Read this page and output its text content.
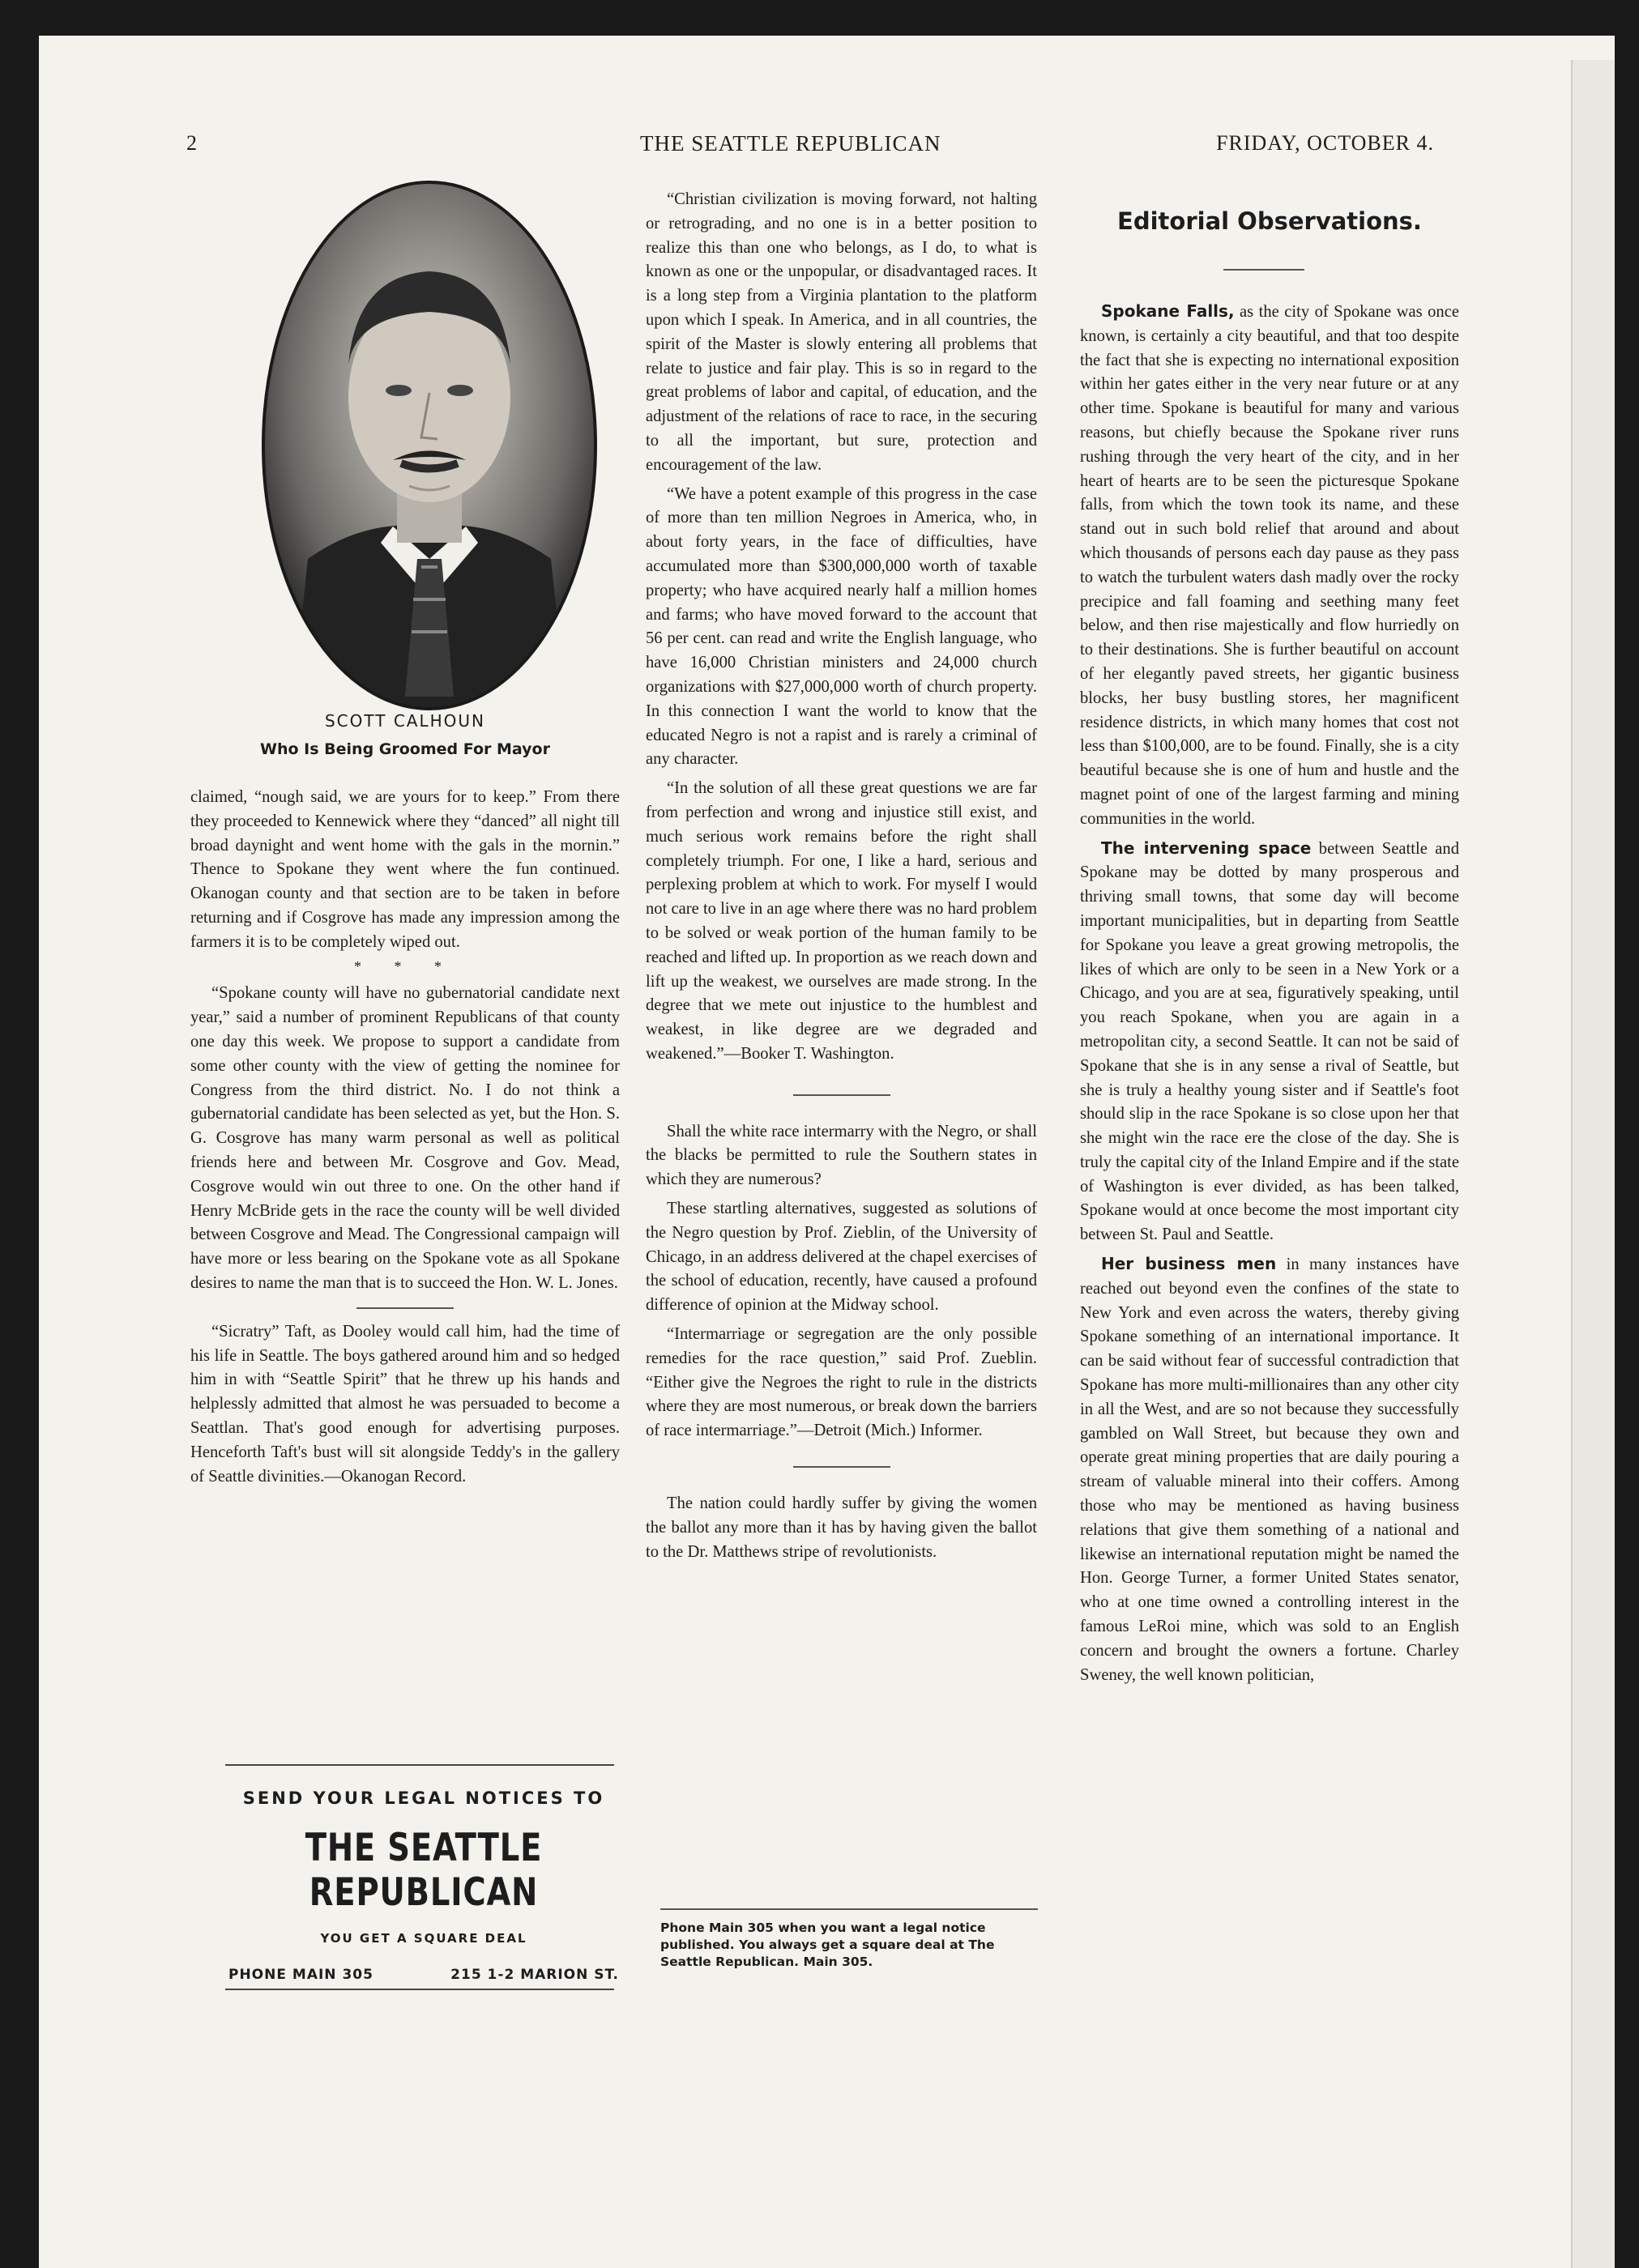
2	THE SEATTLE REPUBLICAN	FRIDAY, OCTOBER 4.
SCOTT CALHOUN
Who Is Being Groomed For Mayor

claimed, “nough said, we are yours for to keep.” From there they proceeded to Kennewick where they “danced” all night till broad daynight and went home with the gals in the mornin.” Thence to Spokane they went where the fun continued. Okanogan county and that section are to be taken in before returning and if Cosgrove has made any impression among the farmers it is to be completely wiped out.

* * *

“Spokane county will have no gubernatorial candidate next year,” said a number of prominent Republicans of that county one day this week. We propose to support a candidate from some other county with the view of getting the nominee for Congress from the third district. No. I do not think a gubernatorial candidate has been selected as yet, but the Hon. S. G. Cosgrove has many warm personal as well as political friends here and between Mr. Cosgrove and Gov. Mead, Cosgrove would win out three to one. On the other hand if Henry McBride gets in the race the county will be well divided between Cosgrove and Mead. The Congressional campaign will have more or less bearing on the Spokane vote as all Spokane desires to name the man that is to succeed the Hon. W. L. Jones.

“Sicratry” Taft, as Dooley would call him, had the time of his life in Seattle. The boys gathered around him and so hedged him in with “Seattle Spirit” that he threw up his hands and helplessly admitted that almost he was persuaded to become a Seattlan. That's good enough for advertising purposes. Henceforth Taft's bust will sit alongside Teddy's in the gallery of Seattle divinities.—Okanogan Record.

SEND YOUR LEGAL NOTICES TO
THE SEATTLE REPUBLICAN
YOU GET A SQUARE DEAL
PHONE MAIN 305	215 1-2 MARION ST.

“Christian civilization is moving forward, not halting or retrograding, and no one is in a better position to realize this than one who belongs, as I do, to what is known as one or the unpopular, or disadvantaged races. It is a long step from a Virginia plantation to the platform upon which I speak. In America, and in all countries, the spirit of the Master is slowly entering all problems that relate to justice and fair play. This is so in regard to the great problems of labor and capital, of education, and the adjustment of the relations of race to race, in the securing to all the important, but sure, protection and encouragement of the law.

“We have a potent example of this progress in the case of more than ten million Negroes in America, who, in about forty years, in the face of difficulties, have accumulated more than $300,000,000 worth of taxable property; who have acquired nearly half a million homes and farms; who have moved forward to the account that 56 per cent. can read and write the English language, who have 16,000 Christian ministers and 24,000 church organizations with $27,000,000 worth of church property. In this connection I want the world to know that the educated Negro is not a rapist and is rarely a criminal of any character.

“In the solution of all these great questions we are far from perfection and wrong and injustice still exist, and much serious work remains before the right shall completely triumph. For one, I like a hard, serious and perplexing problem at which to work. For myself I would not care to live in an age where there was no hard problem to be solved or weak portion of the human family to be reached and lifted up. In proportion as we reach down and lift up the weakest, we ourselves are made strong. In the degree that we mete out injustice to the humblest and weakest, in like degree are we degraded and weakened.”—Booker T. Washington.

Shall the white race intermarry with the Negro, or shall the blacks be permitted to rule the Southern states in which they are numerous?

These startling alternatives, suggested as solutions of the Negro question by Prof. Zieblin, of the University of Chicago, in an address delivered at the chapel exercises of the school of education, recently, have caused a profound difference of opinion at the Midway school.

“Intermarriage or segregation are the only possible remedies for the race question,” said Prof. Zueblin. “Either give the Negroes the right to rule in the districts where they are most numerous, or break down the barriers of race intermarriage.”—Detroit (Mich.) Informer.

The nation could hardly suffer by giving the women the ballot any more than it has by having given the ballot to the Dr. Matthews stripe of revolutionists.

Phone Main 305 when you want a legal notice published. You always get a square deal at The Seattle Republican. Main 305.
Editorial Observations.

Spokane Falls, as the city of Spokane was once known, is certainly a city beautiful, and that too despite the fact that she is expecting no international exposition within her gates either in the very near future or at any other time. Spokane is beautiful for many and various reasons, but chiefly because the Spokane river runs rushing through the very heart of the city, and in her heart of hearts are to be seen the picturesque Spokane falls, from which the town took its name, and these stand out in such bold relief that around and about which thousands of persons each day pause as they pass to watch the turbulent waters dash madly over the rocky precipice and fall foaming and seething many feet below, and then rise majestically and flow hurriedly on to their destinations. She is further beautiful on account of her elegantly paved streets, her gigantic business blocks, her busy bustling stores, her magnificent residence districts, in which many homes that cost not less than $100,000, are to be found. Finally, she is a city beautiful because she is one of hum and hustle and the magnet point of one of the largest farming and mining communities in the world.

The intervening space between Seattle and Spokane may be dotted by many prosperous and thriving small towns, that some day will become important municipalities, but in departing from Seattle for Spokane you leave a great growing metropolis, the likes of which are only to be seen in a New York or a Chicago, and you are at sea, figuratively speaking, until you reach Spokane, when you are again in a metropolitan city, a second Seattle. It can not be said of Spokane that she is in any sense a rival of Seattle, but she is truly a healthy young sister and if Seattle's foot should slip in the race Spokane is so close upon her that she might win the race ere the close of the day. She is truly the capital city of the Inland Empire and if the state of Washington is ever divided, as has been talked, Spokane would at once become the most important city between St. Paul and Seattle.

Her business men in many instances have reached out beyond even the confines of the state to New York and even across the waters, thereby giving Spokane something of an international importance. It can be said without fear of successful contradiction that Spokane has more multi-millionaires than any other city in all the West, and are so not because they successfully gambled on Wall Street, but because they own and operate great mining properties that are daily pouring a stream of valuable mineral into their coffers. Among those who may be mentioned as having business relations that give them something of a national and likewise an international reputation might be named the Hon. George Turner, a former United States senator, who at one time owned a controlling interest in the famous LeRoi mine, which was sold to an English concern and brought the owners a fortune. Charley Sweney, the well known politician,
